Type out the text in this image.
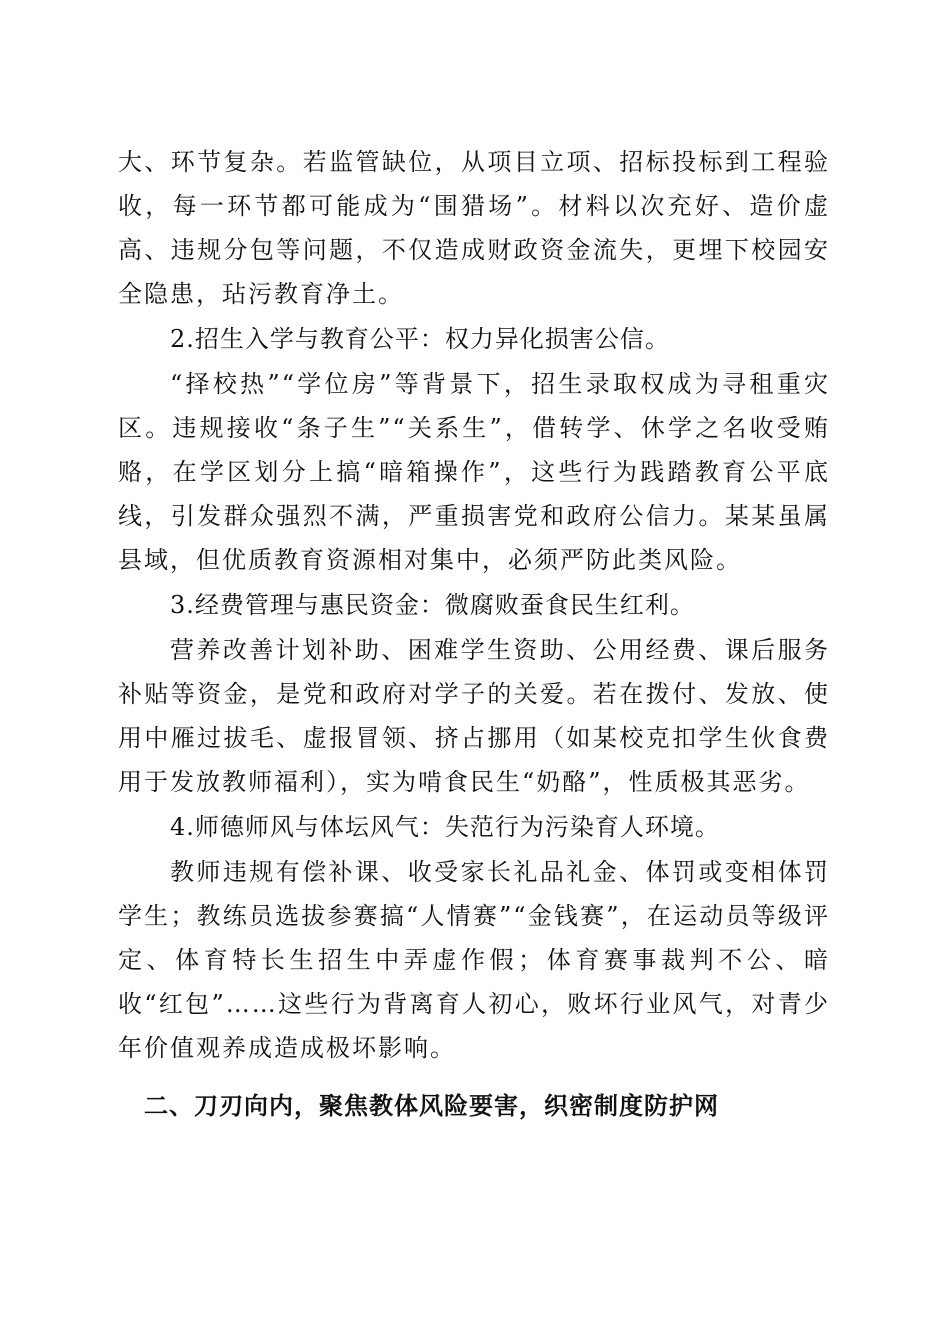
大、环节复杂。若监管缺位，从项目立项、招标投标到工程验收，每一环节都可能成为“围猎场”。材料以次充好、造价虚高、违规分包等问题，不仅造成财政资金流失，更埋下校园安全隐患，玷污教育净土。

2.招生入学与教育公平：权力异化损害公信。

“择校热”“学位房”等背景下，招生录取权成为寻租重灾区。违规接收“条子生”“关系生”，借转学、休学之名收受贿赂，在学区划分上搞“暗箱操作”，这些行为践踏教育公平底线，引发群众强烈不满，严重损害党和政府公信力。某某虽属县域，但优质教育资源相对集中，必须严防此类风险。

3.经费管理与惠民资金：微腐败蚕食民生红利。

营养改善计划补助、困难学生资助、公用经费、课后服务补贴等资金，是党和政府对学子的关爱。若在拨付、发放、使用中雁过拔毛、虚报冒领、挤占挪用（如某校克扣学生伙食费用于发放教师福利），实为啃食民生“奶酪”，性质极其恶劣。

4.师德师风与体坛风气：失范行为污染育人环境。

教师违规有偿补课、收受家长礼品礼金、体罚或变相体罚学生；教练员选拔参赛搞“人情赛”“金钱赛”，在运动员等级评定、体育特长生招生中弄虚作假；体育赛事裁判不公、暗收“红包”……这些行为背离育人初心，败坏行业风气，对青少年价值观养成造成极坏影响。

二、刀刃向内，聚焦教体风险要害，织密制度防护网
